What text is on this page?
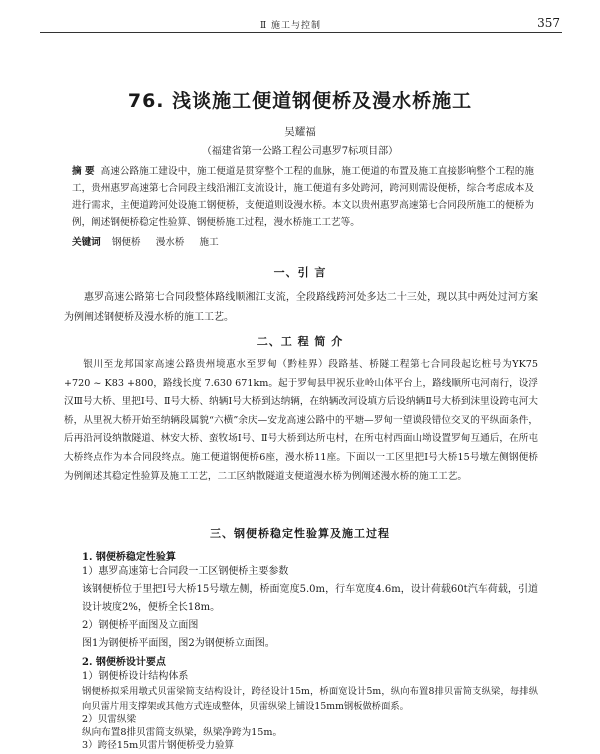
Ⅱ 施工与控制	357
76. 浅谈施工便道钢便桥及漫水桥施工
吴耀福
（福建省第一公路工程公司惠罗7标项目部）
摘 要 高速公路施工建设中，施工便道是贯穿整个工程的血脉，施工便道的布置及施工直接影响整个工程的施工，贵州惠罗高速第七合同段主线沿湘江支流设计，施工便道有多处跨河，跨河则需设便桥，综合考虑成本及进行需求，主便道跨河处设施工钢便桥，支便道则设漫水桥。本文以贵州惠罗高速第七合同段所施工的便桥为例，阐述钢便桥稳定性验算、钢便桥施工过程，漫水桥施工工艺等。
关键词 钢便桥 漫水桥 施工
一、引 言
惠罗高速公路第七合同段整体路线顺湘江支流，全段路线跨河处多达二十三处，现以其中两处过河方案为例阐述钢便桥及漫水桥的施工工艺。
二、工 程 简 介
银川至龙邦国家高速公路贵州境惠水至罗甸（黔桂界）段路基、桥隧工程第七合同段起讫桩号为YK75 +720 ~ K83 +800，路线长度 7.630 671km。起于罗甸县甲祝乐业岭山体平台上，路线顺所屯河南行，设浮汉Ⅲ号大桥、里把Ⅰ号、Ⅱ号大桥、纳辆Ⅰ号大桥到达纳辆，在纳辆改河设填方后设纳辆Ⅱ号大桥到沫里设跨屯河大桥，从里祝大桥开始至纳辆段属貌“六横”余庆—安龙高速公路中的平塘—罗甸一望谟段错位交叉的平纵面条件，后再沿河设纳散隧道、林安大桥、蛮牧场Ⅰ号、Ⅱ号大桥到达所屯村，在所屯村西面山坳设置罗甸互通后，在所屯大桥终点作为本合同段终点。施工便道钢便桥6座，漫水桥11座。下面以一工区里把Ⅰ号大桥15号墩左侧钢便桥为例阐述其稳定性验算及施工工艺，二工区纳散隧道支便道漫水桥为例阐述漫水桥的施工工艺。
三、钢便桥稳定性验算及施工过程
1. 钢便桥稳定性验算
1）惠罗高速第七合同段一工区钢便桥主要参数
该钢便桥位于里把Ⅰ号大桥15号墩左侧，桥面宽度5.0m，行车宽度4.6m，设计荷载60t汽车荷载，引道设计坡度2%，便桥全长18m。
2）钢便桥平面图及立面图
图1为钢便桥平面图，图2为钢便桥立面图。
2. 钢便桥设计要点
1）钢便桥设计结构体系
钢便桥拟采用墩式贝雷梁简支结构设计，跨径设计15m，桥面宽设计5m，纵向布置8排贝雷简支纵梁，每排纵向贝雷片用支撑架或其他方式连成整体，贝雷纵梁上铺设15mm钢板做桥面系。
2）贝雷纵梁
纵向布置8排贝雷简支纵梁，纵梁净跨为15m。
3）跨径15m贝雷片钢便桥受力验算
